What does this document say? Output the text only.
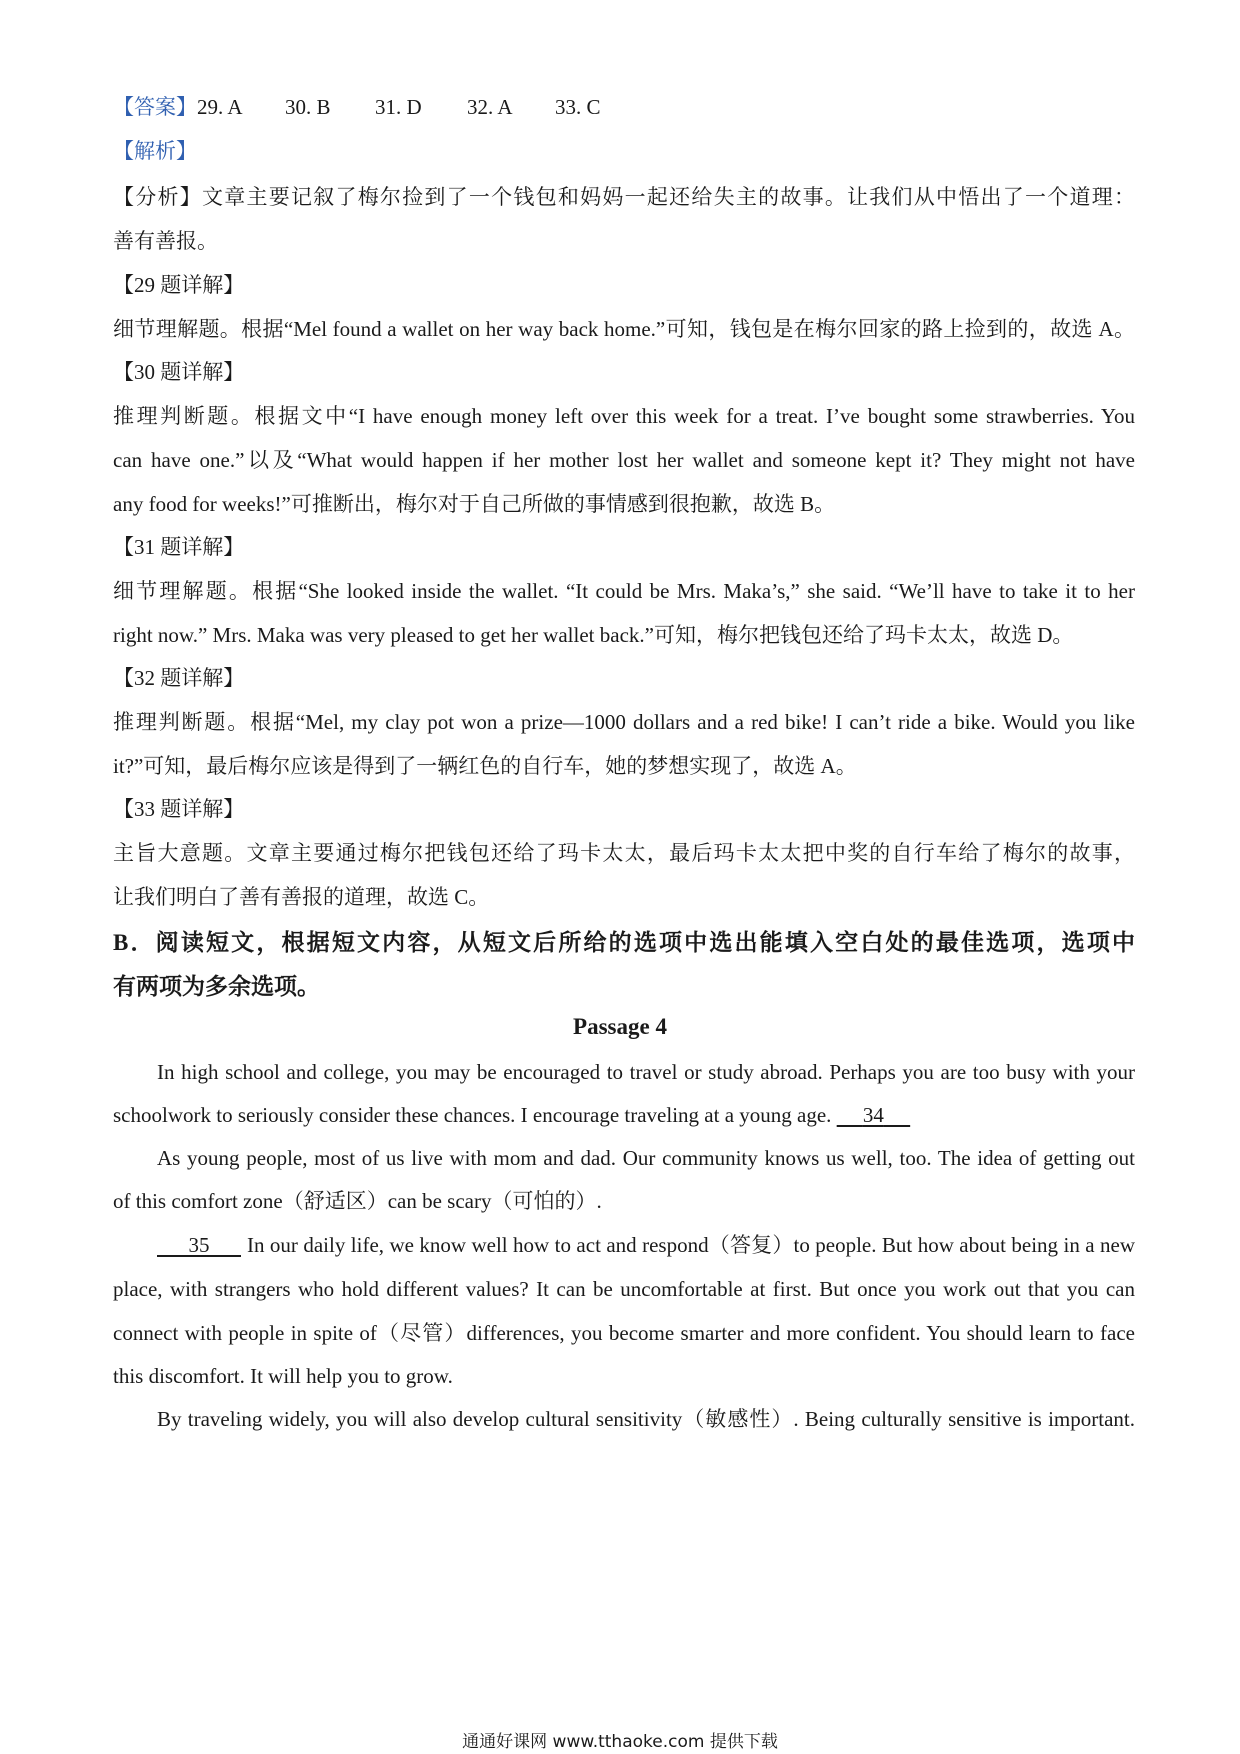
【答案】29. A 30. B 31. D 32. A 33. C
【解析】
【分析】文章主要记叙了梅尔捡到了一个钱包和妈妈一起还给失主的故事。让我们从中悟出了一个道理：
善有善报。
【29 题详解】
细节理解题。根据“Mel found a wallet on her way back home.”可知，钱包是在梅尔回家的路上捡到的，故选 A。
【30 题详解】
推理判断题。根据文中“I have enough money left over this week for a treat. I’ve bought some strawberries. You
can have one.”以及“What would happen if her mother lost her wallet and someone kept it? They might not have
any food for weeks!”可推断出，梅尔对于自己所做的事情感到很抱歉，故选 B。
【31 题详解】
细节理解题。根据“She looked inside the wallet. “It could be Mrs. Maka’s,” she said. “We’ll have to take it to her
right now.” Mrs. Maka was very pleased to get her wallet back.”可知，梅尔把钱包还给了玛卡太太，故选 D。
【32 题详解】
推理判断题。根据“Mel, my clay pot won a prize—1000 dollars and a red bike! I can’t ride a bike. Would you like
it?”可知，最后梅尔应该是得到了一辆红色的自行车，她的梦想实现了，故选 A。
【33 题详解】
主旨大意题。文章主要通过梅尔把钱包还给了玛卡太太，最后玛卡太太把中奖的自行车给了梅尔的故事，
让我们明白了善有善报的道理，故选 C。
B．阅读短文，根据短文内容，从短文后所给的选项中选出能填入空白处的最佳选项，选项中
有两项为多余选项。
Passage 4
In high school and college, you may be encouraged to travel or study abroad. Perhaps you are too busy with your
schoolwork to seriously consider these chances. I encourage traveling at a young age. 34
As young people, most of us live with mom and dad. Our community knows us well, too. The idea of getting out
of this comfort zone（舒适区）can be scary（可怕的）.
35	In our daily life, we know well how to act and respond（答复）to people. But how about being in a new
place, with strangers who hold different values? It can be uncomfortable at first. But once you work out that you can
connect with people in spite of（尽管）differences, you become smarter and more confident. You should learn to face
this discomfort. It will help you to grow.
By traveling widely, you will also develop cultural sensitivity（敏感性）. Being culturally sensitive is important.
通通好课网 www.tthaoke.com 提供下载
